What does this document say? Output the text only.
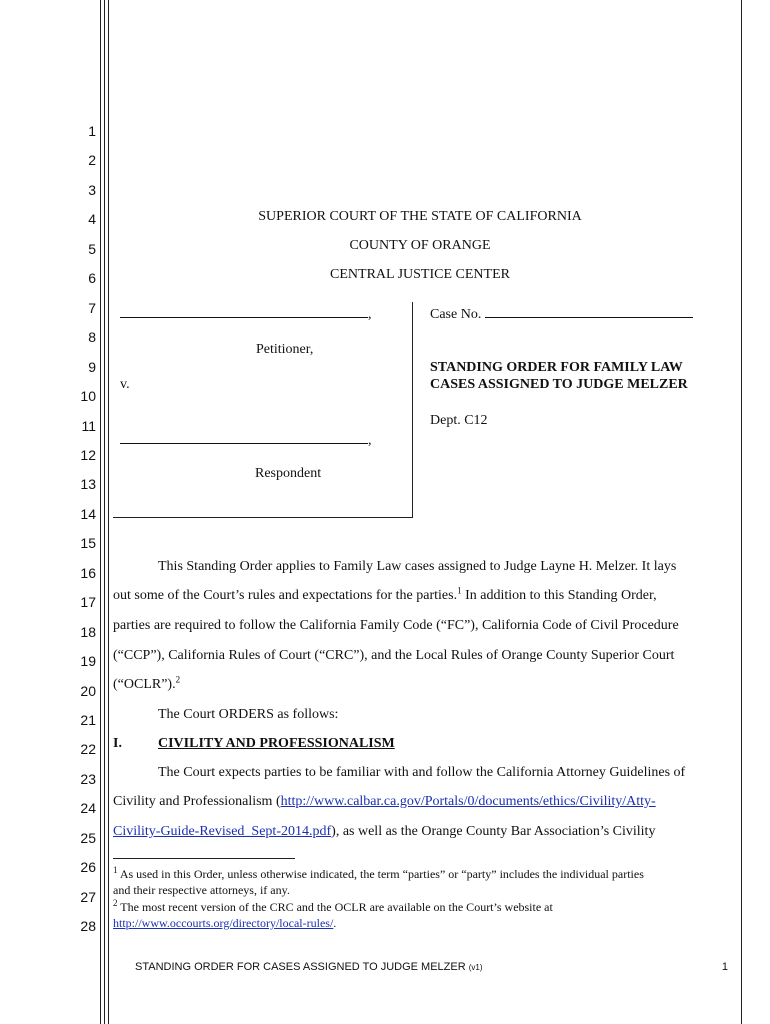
1
2
3
4
5
6
7
8
9
10
11
12
13
14
15
16
17
18
19
20
21
22
23
24
25
26
27
28
SUPERIOR COURT OF THE STATE OF CALIFORNIA
COUNTY OF ORANGE
CENTRAL JUSTICE CENTER
,
Petitioner,
v.
,
Respondent
Case No.
STANDING ORDER FOR FAMILY LAW
CASES ASSIGNED TO JUDGE MELZER
Dept. C12
This Standing Order applies to Family Law cases assigned to Judge Layne H. Melzer. It lays
out some of the Court’s rules and expectations for the parties.$^1$ In addition to this Standing Order,
parties are required to follow the California Family Code (“FC”), California Code of Civil Procedure
(“CCP”), California Rules of Court (“CRC”), and the Local Rules of Orange County Superior Court
(“OCLR”).$^2$
The Court ORDERS as follows:
I.	CIVILITY AND PROFESSIONALISM
The Court expects parties to be familiar with and follow the California Attorney Guidelines of
Civility and Professionalism (http://www.calbar.ca.gov/Portals/0/documents/ethics/Civility/Atty-
Civility-Guide-Revised_Sept-2014.pdf), as well as the Orange County Bar Association’s Civility
$^1$ As used in this Order, unless otherwise indicated, the term “parties” or “party” includes the individual parties
and their respective attorneys, if any.
$^2$ The most recent version of the CRC and the OCLR are available on the Court’s website at
http://www.occourts.org/directory/local-rules/.
STANDING ORDER FOR CASES ASSIGNED TO JUDGE MELZER (v1)	1
